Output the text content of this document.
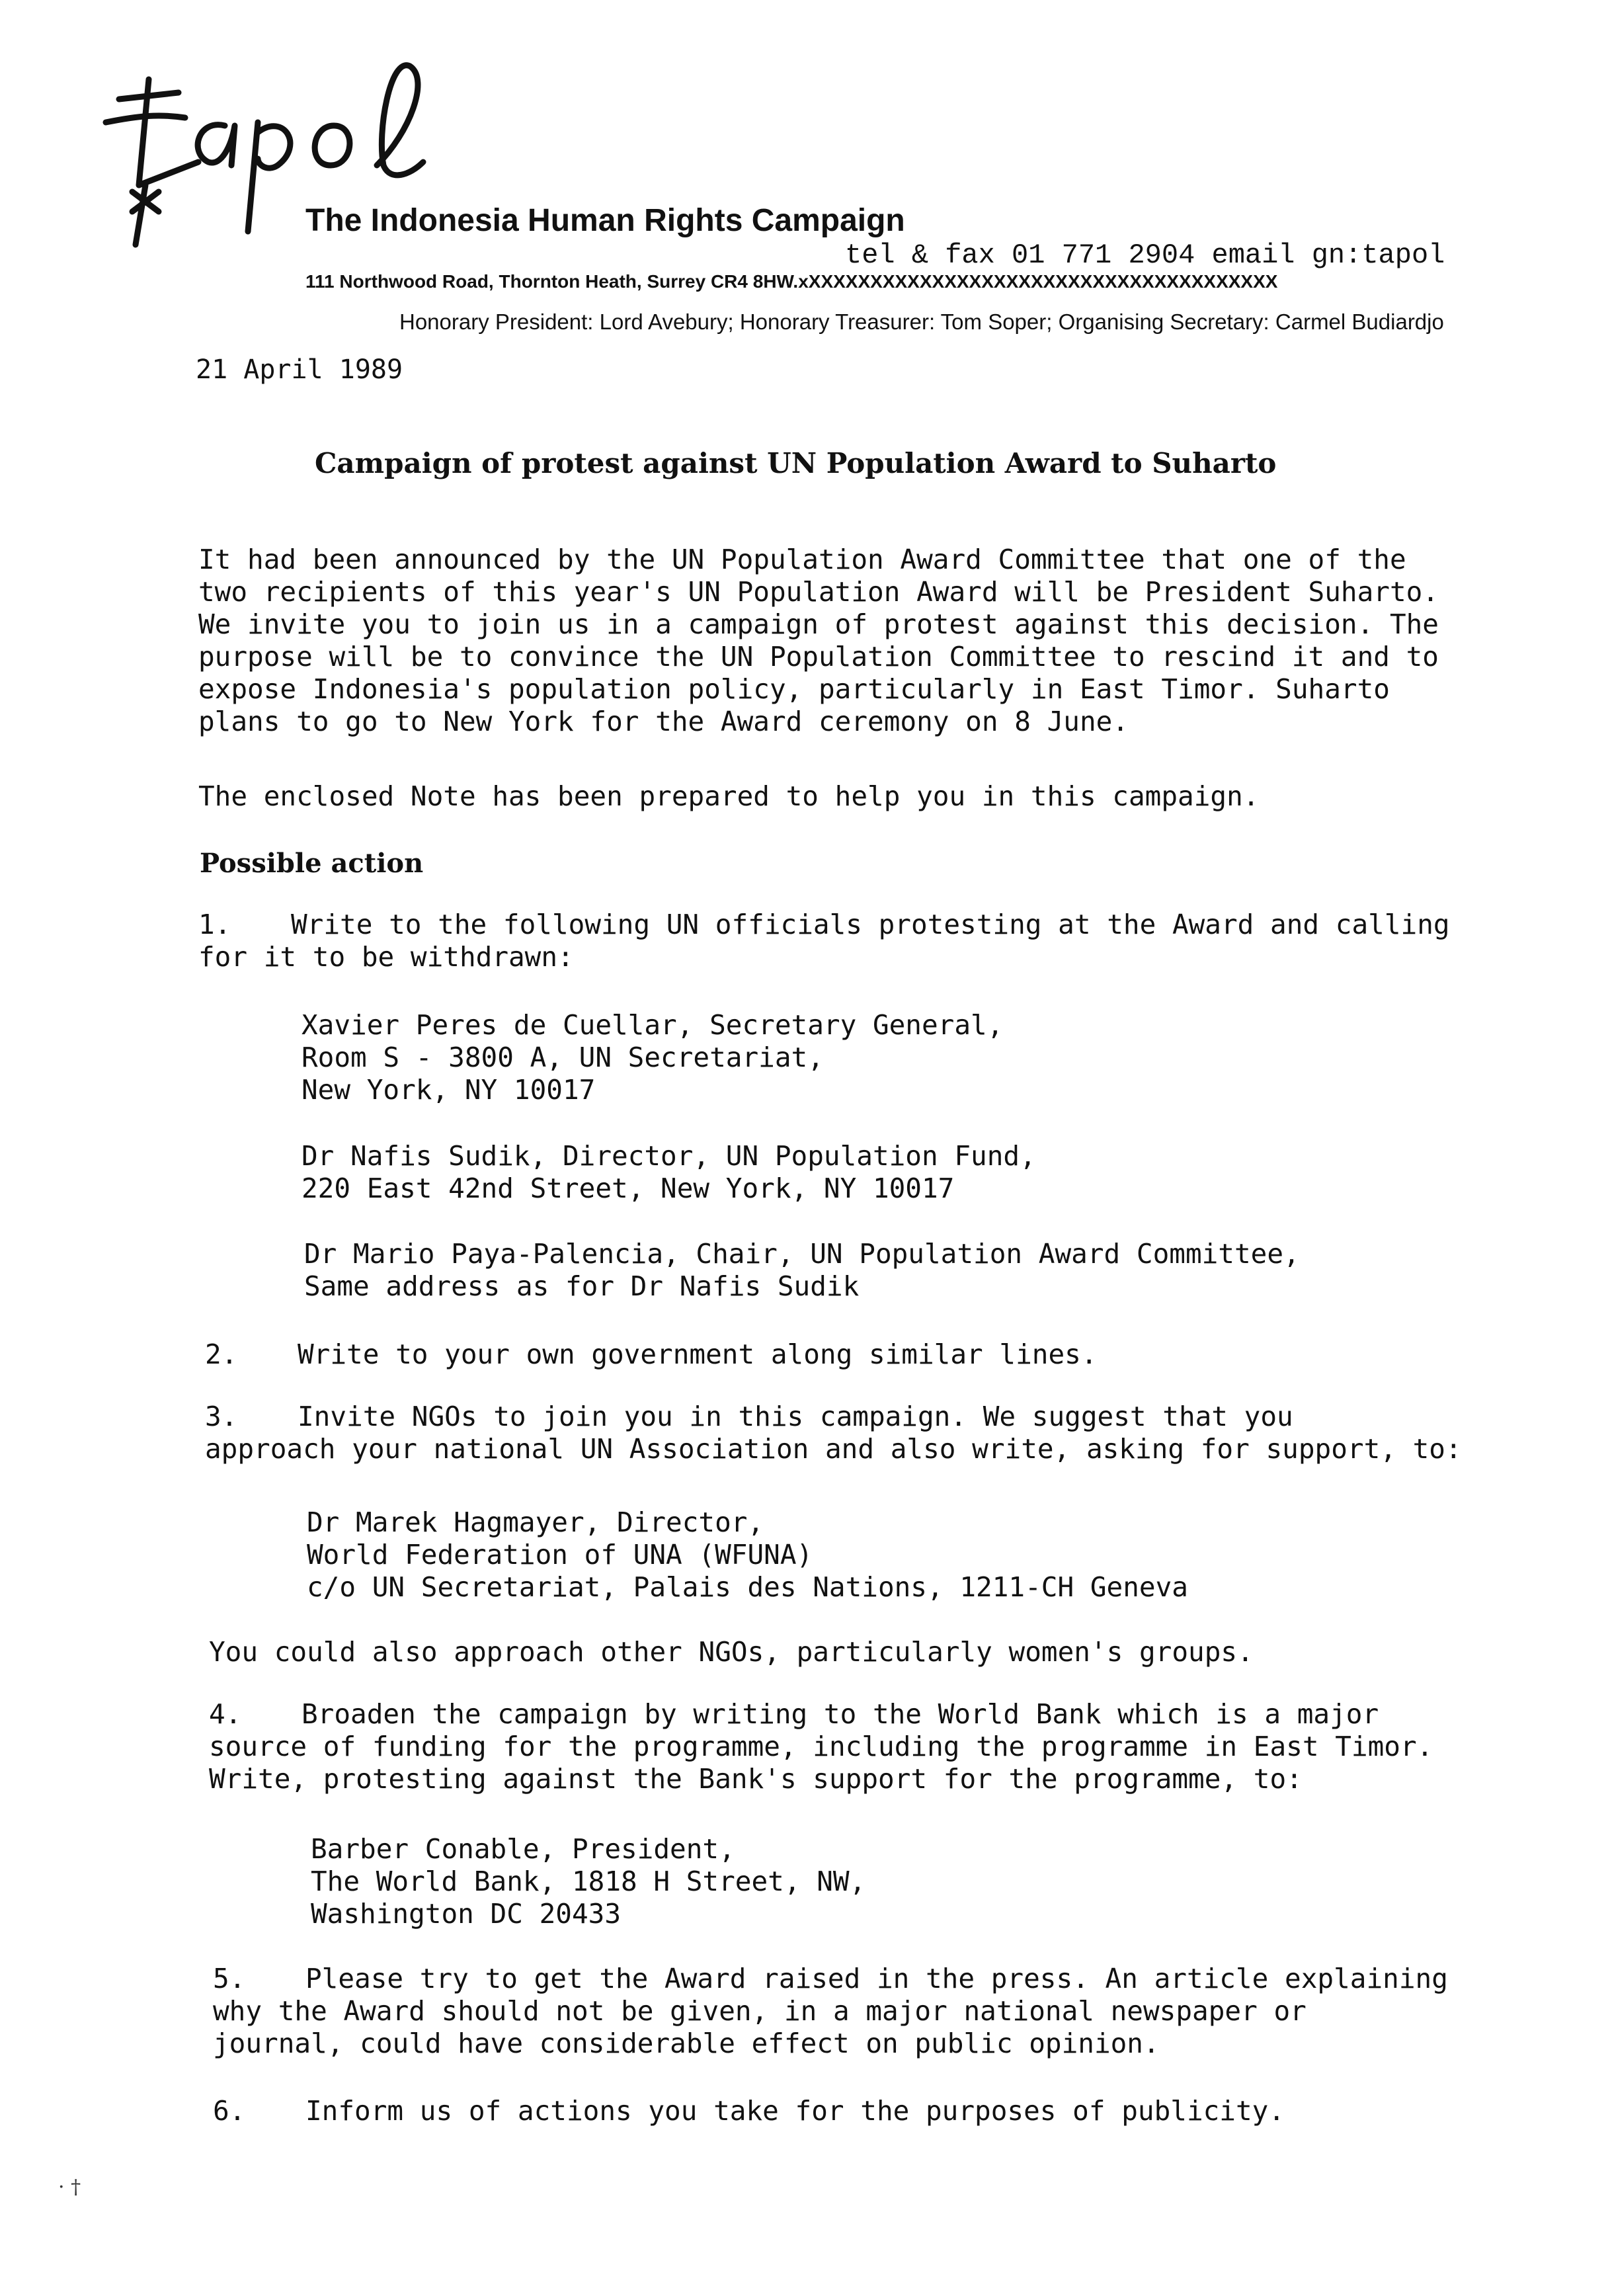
tapol
The Indonesia Human Rights Campaign
111 Northwood Road, Thornton Heath, Surrey CR4 8HW.xXXXXXXXXXXXXXXXXXXXXXXXXXXXXXXXXXXXXXX
tel & fax 01 771 2904 email gn:tapol
Honorary President: Lord Avebury; Honorary Treasurer: Tom Soper; Organising Secretary: Carmel Budiardjo
21 April 1989
Campaign of protest against UN Population Award to Suharto
It had been announced by the UN Population Award Committee that one of the
two recipients of this year's UN Population Award will be President Suharto.
We invite you to join us in a campaign of protest against this decision. The
purpose will be to convince the UN Population Committee to rescind it and to
expose Indonesia's population policy, particularly in East Timor. Suharto
plans to go to New York for the Award ceremony on 8 June.
The enclosed Note has been prepared to help you in this campaign.
Possible action
1. Write to the following UN officials protesting at the Award and calling
for it to be withdrawn:
Xavier Peres de Cuellar, Secretary General,
Room S - 3800 A, UN Secretariat,
New York, NY 10017
Dr Nafis Sudik, Director, UN Population Fund,
220 East 42nd Street, New York, NY 10017
Dr Mario Paya-Palencia, Chair, UN Population Award Committee,
Same address as for Dr Nafis Sudik
2. Write to your own government along similar lines.
3. Invite NGOs to join you in this campaign. We suggest that you
approach your national UN Association and also write, asking for support, to:
Dr Marek Hagmayer, Director,
World Federation of UNA (WFUNA)
c/o UN Secretariat, Palais des Nations, 1211-CH Geneva
You could also approach other NGOs, particularly women's groups.
4. Broaden the campaign by writing to the World Bank which is a major
source of funding for the programme, including the programme in East Timor.
Write, protesting against the Bank's support for the programme, to:
Barber Conable, President,
The World Bank, 1818 H Street, NW,
Washington DC 20433
5. Please try to get the Award raised in the press. An article explaining
why the Award should not be given, in a major national newspaper or
journal, could have considerable effect on public opinion.
6. Inform us of actions you take for the purposes of publicity.
· †
